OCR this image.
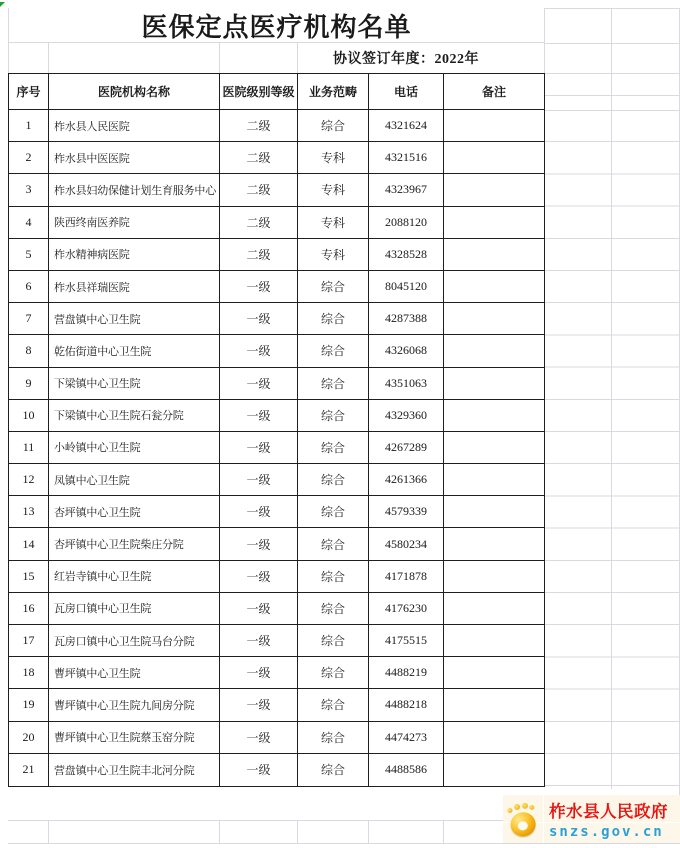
医保定点医疗机构名单
协议签订年度：2022年
序号	医院机构名称	医院级别等级	业务范畴	电话	备注
1	柞水县人民医院	二级	综合	4321624
2	柞水县中医医院	二级	专科	4321516
3	柞水县妇幼保健计划生育服务中心	二级	专科	4323967
4	陕西终南医养院	二级	专科	2088120
5	柞水精神病医院	二级	专科	4328528
6	柞水县祥瑞医院	一级	综合	8045120
7	营盘镇中心卫生院	一级	综合	4287388
8	乾佑街道中心卫生院	一级	综合	4326068
9	下梁镇中心卫生院	一级	综合	4351063
10	下梁镇中心卫生院石瓮分院	一级	综合	4329360
11	小岭镇中心卫生院	一级	综合	4267289
12	凤镇中心卫生院	一级	综合	4261366
13	杏坪镇中心卫生院	一级	综合	4579339
14	杏坪镇中心卫生院柴庄分院	一级	综合	4580234
15	红岩寺镇中心卫生院	一级	综合	4171878
16	瓦房口镇中心卫生院	一级	综合	4176230
17	瓦房口镇中心卫生院马台分院	一级	综合	4175515
18	曹坪镇中心卫生院	一级	综合	4488219
19	曹坪镇中心卫生院九间房分院	一级	综合	4488218
20	曹坪镇中心卫生院蔡玉窑分院	一级	综合	4474273
21	营盘镇中心卫生院丰北河分院	一级	综合	4488586
柞水县人民政府
snzs.gov.cn
